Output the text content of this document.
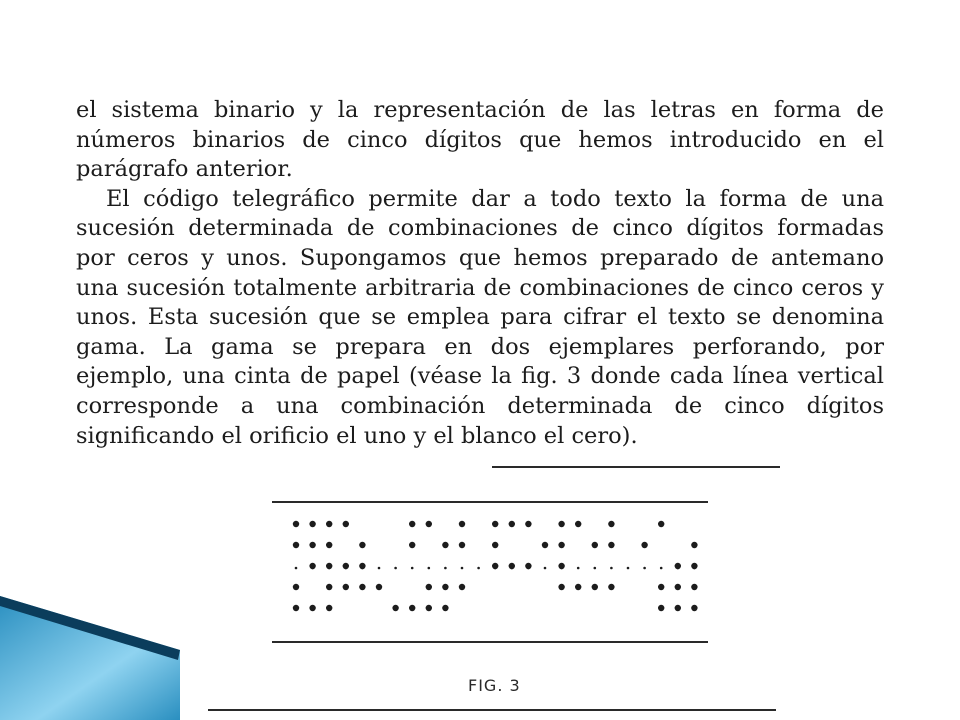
el sistema binario y la representación de las letras en forma de números binarios de cinco dígitos que hemos introducido en el parágrafo anterior.

El código telegráfico permite dar a todo texto la forma de una sucesión determinada de combinaciones de cinco dígitos formadas por ceros y unos. Supongamos que hemos preparado de antemano una sucesión totalmente arbitraria de combinaciones de cinco ceros y unos. Esta sucesión que se emplea para cifrar el texto se denomina gama. La gama se prepara en dos ejemplares perforando, por ejemplo, una cinta de papel (véase la fig. 3 donde cada línea vertical corresponde a una combinación determinada de cinco dígitos significando el orificio el uno y el blanco el cero).

FIG. 3
